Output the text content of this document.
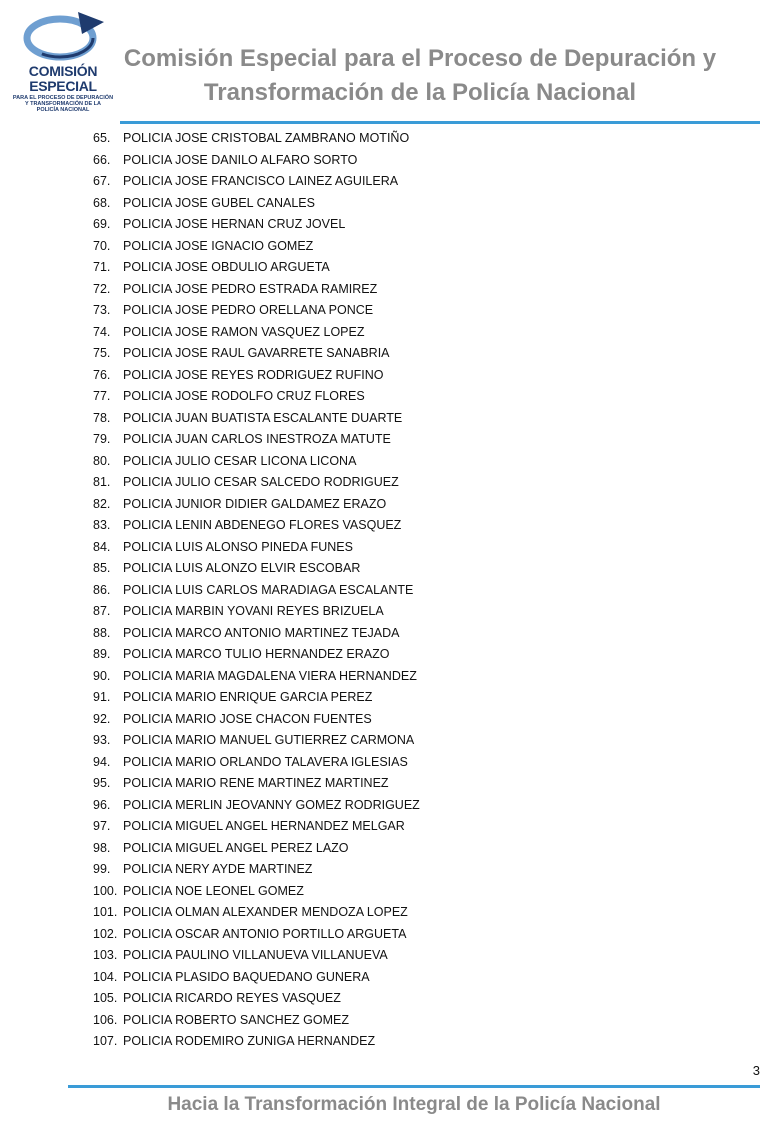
COMISIÓN
ESPECIAL
PARA EL PROCESO DE DEPURACIÓN
Y TRANSFORMACIÓN DE LA
POLICÍA NACIONAL
Comisión Especial para el Proceso de Depuración y
Transformación de la Policía Nacional
65.	POLICIA JOSE CRISTOBAL ZAMBRANO MOTIÑO
66.	POLICIA JOSE DANILO ALFARO SORTO
67.	POLICIA JOSE FRANCISCO LAINEZ AGUILERA
68.	POLICIA JOSE GUBEL CANALES
69.	POLICIA JOSE HERNAN CRUZ JOVEL
70.	POLICIA JOSE IGNACIO GOMEZ
71.	POLICIA JOSE OBDULIO ARGUETA
72.	POLICIA JOSE PEDRO ESTRADA RAMIREZ
73.	POLICIA JOSE PEDRO ORELLANA PONCE
74.	POLICIA JOSE RAMON VASQUEZ LOPEZ
75.	POLICIA JOSE RAUL GAVARRETE SANABRIA
76.	POLICIA JOSE REYES RODRIGUEZ RUFINO
77.	POLICIA JOSE RODOLFO CRUZ FLORES
78.	POLICIA JUAN BUATISTA ESCALANTE DUARTE
79.	POLICIA JUAN CARLOS INESTROZA MATUTE
80.	POLICIA JULIO CESAR LICONA LICONA
81.	POLICIA JULIO CESAR SALCEDO RODRIGUEZ
82.	POLICIA JUNIOR DIDIER GALDAMEZ ERAZO
83.	POLICIA LENIN ABDENEGO FLORES VASQUEZ
84.	POLICIA LUIS ALONSO PINEDA FUNES
85.	POLICIA LUIS ALONZO ELVIR ESCOBAR
86.	POLICIA LUIS CARLOS MARADIAGA ESCALANTE
87.	POLICIA MARBIN YOVANI REYES BRIZUELA
88.	POLICIA MARCO ANTONIO MARTINEZ TEJADA
89.	POLICIA MARCO TULIO HERNANDEZ ERAZO
90.	POLICIA MARIA MAGDALENA VIERA HERNANDEZ
91.	POLICIA MARIO ENRIQUE GARCIA PEREZ
92.	POLICIA MARIO JOSE CHACON FUENTES
93.	POLICIA MARIO MANUEL GUTIERREZ CARMONA
94.	POLICIA MARIO ORLANDO TALAVERA IGLESIAS
95.	POLICIA MARIO RENE MARTINEZ MARTINEZ
96.	POLICIA MERLIN JEOVANNY GOMEZ RODRIGUEZ
97.	POLICIA MIGUEL ANGEL HERNANDEZ MELGAR
98.	POLICIA MIGUEL ANGEL PEREZ LAZO
99.	POLICIA NERY AYDE MARTINEZ
100. POLICIA NOE LEONEL GOMEZ
101. POLICIA OLMAN ALEXANDER MENDOZA LOPEZ
102. POLICIA OSCAR ANTONIO PORTILLO ARGUETA
103. POLICIA PAULINO VILLANUEVA VILLANUEVA
104. POLICIA PLASIDO BAQUEDANO GUNERA
105. POLICIA RICARDO REYES VASQUEZ
106. POLICIA ROBERTO SANCHEZ GOMEZ
107. POLICIA RODEMIRO ZUNIGA HERNANDEZ
3
Hacia la Transformación Integral de la Policía Nacional
